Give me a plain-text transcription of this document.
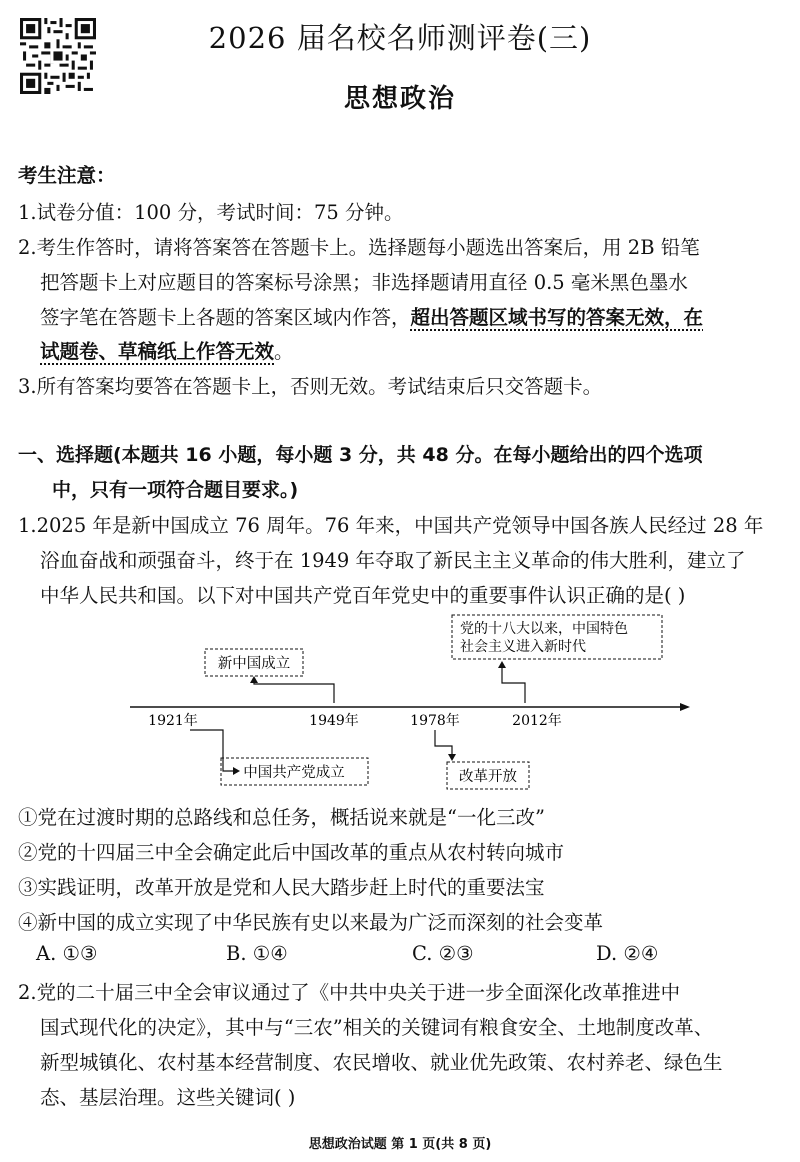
2026 届名校名师测评卷(三)
思想政治
考生注意：
1.试卷分值：100 分，考试时间：75 分钟。
2.考生作答时，请将答案答在答题卡上。选择题每小题选出答案后，用 2B 铅笔
把答题卡上对应题目的答案标号涂黑；非选择题请用直径 0.5 毫米黑色墨水
签字笔在答题卡上各题的答案区域内作答，超出答题区域书写的答案无效，在
试题卷、草稿纸上作答无效。
3.所有答案均要答在答题卡上，否则无效。考试结束后只交答题卡。
一、选择题(本题共 16 小题，每小题 3 分，共 48 分。在每小题给出的四个选项
中，只有一项符合题目要求。)
1.2025 年是新中国成立 76 周年。76 年来，中国共产党领导中国各族人民经过 28 年
浴血奋战和顽强奋斗，终于在 1949 年夺取了新民主主义革命的伟大胜利，建立了
中华人民共和国。以下对中国共产党百年党史中的重要事件认识正确的是( )
1921年	1949年	1978年	2012年
新中国成立
中国共产党成立	改革开放
党的十八大以来，中国特色
社会主义进入新时代
①党在过渡时期的总路线和总任务，概括说来就是“一化三改”
②党的十四届三中全会确定此后中国改革的重点从农村转向城市
③实践证明，改革开放是党和人民大踏步赶上时代的重要法宝
④新中国的成立实现了中华民族有史以来最为广泛而深刻的社会变革
A. ①③	B. ①④	C. ②③	D. ②④
2.党的二十届三中全会审议通过了《中共中央关于进一步全面深化改革推进中
国式现代化的决定》，其中与“三农”相关的关键词有粮食安全、土地制度改革、
新型城镇化、农村基本经营制度、农民增收、就业优先政策、农村养老、绿色生
态、基层治理。这些关键词( )
思想政治试题 第 1 页(共 8 页)
